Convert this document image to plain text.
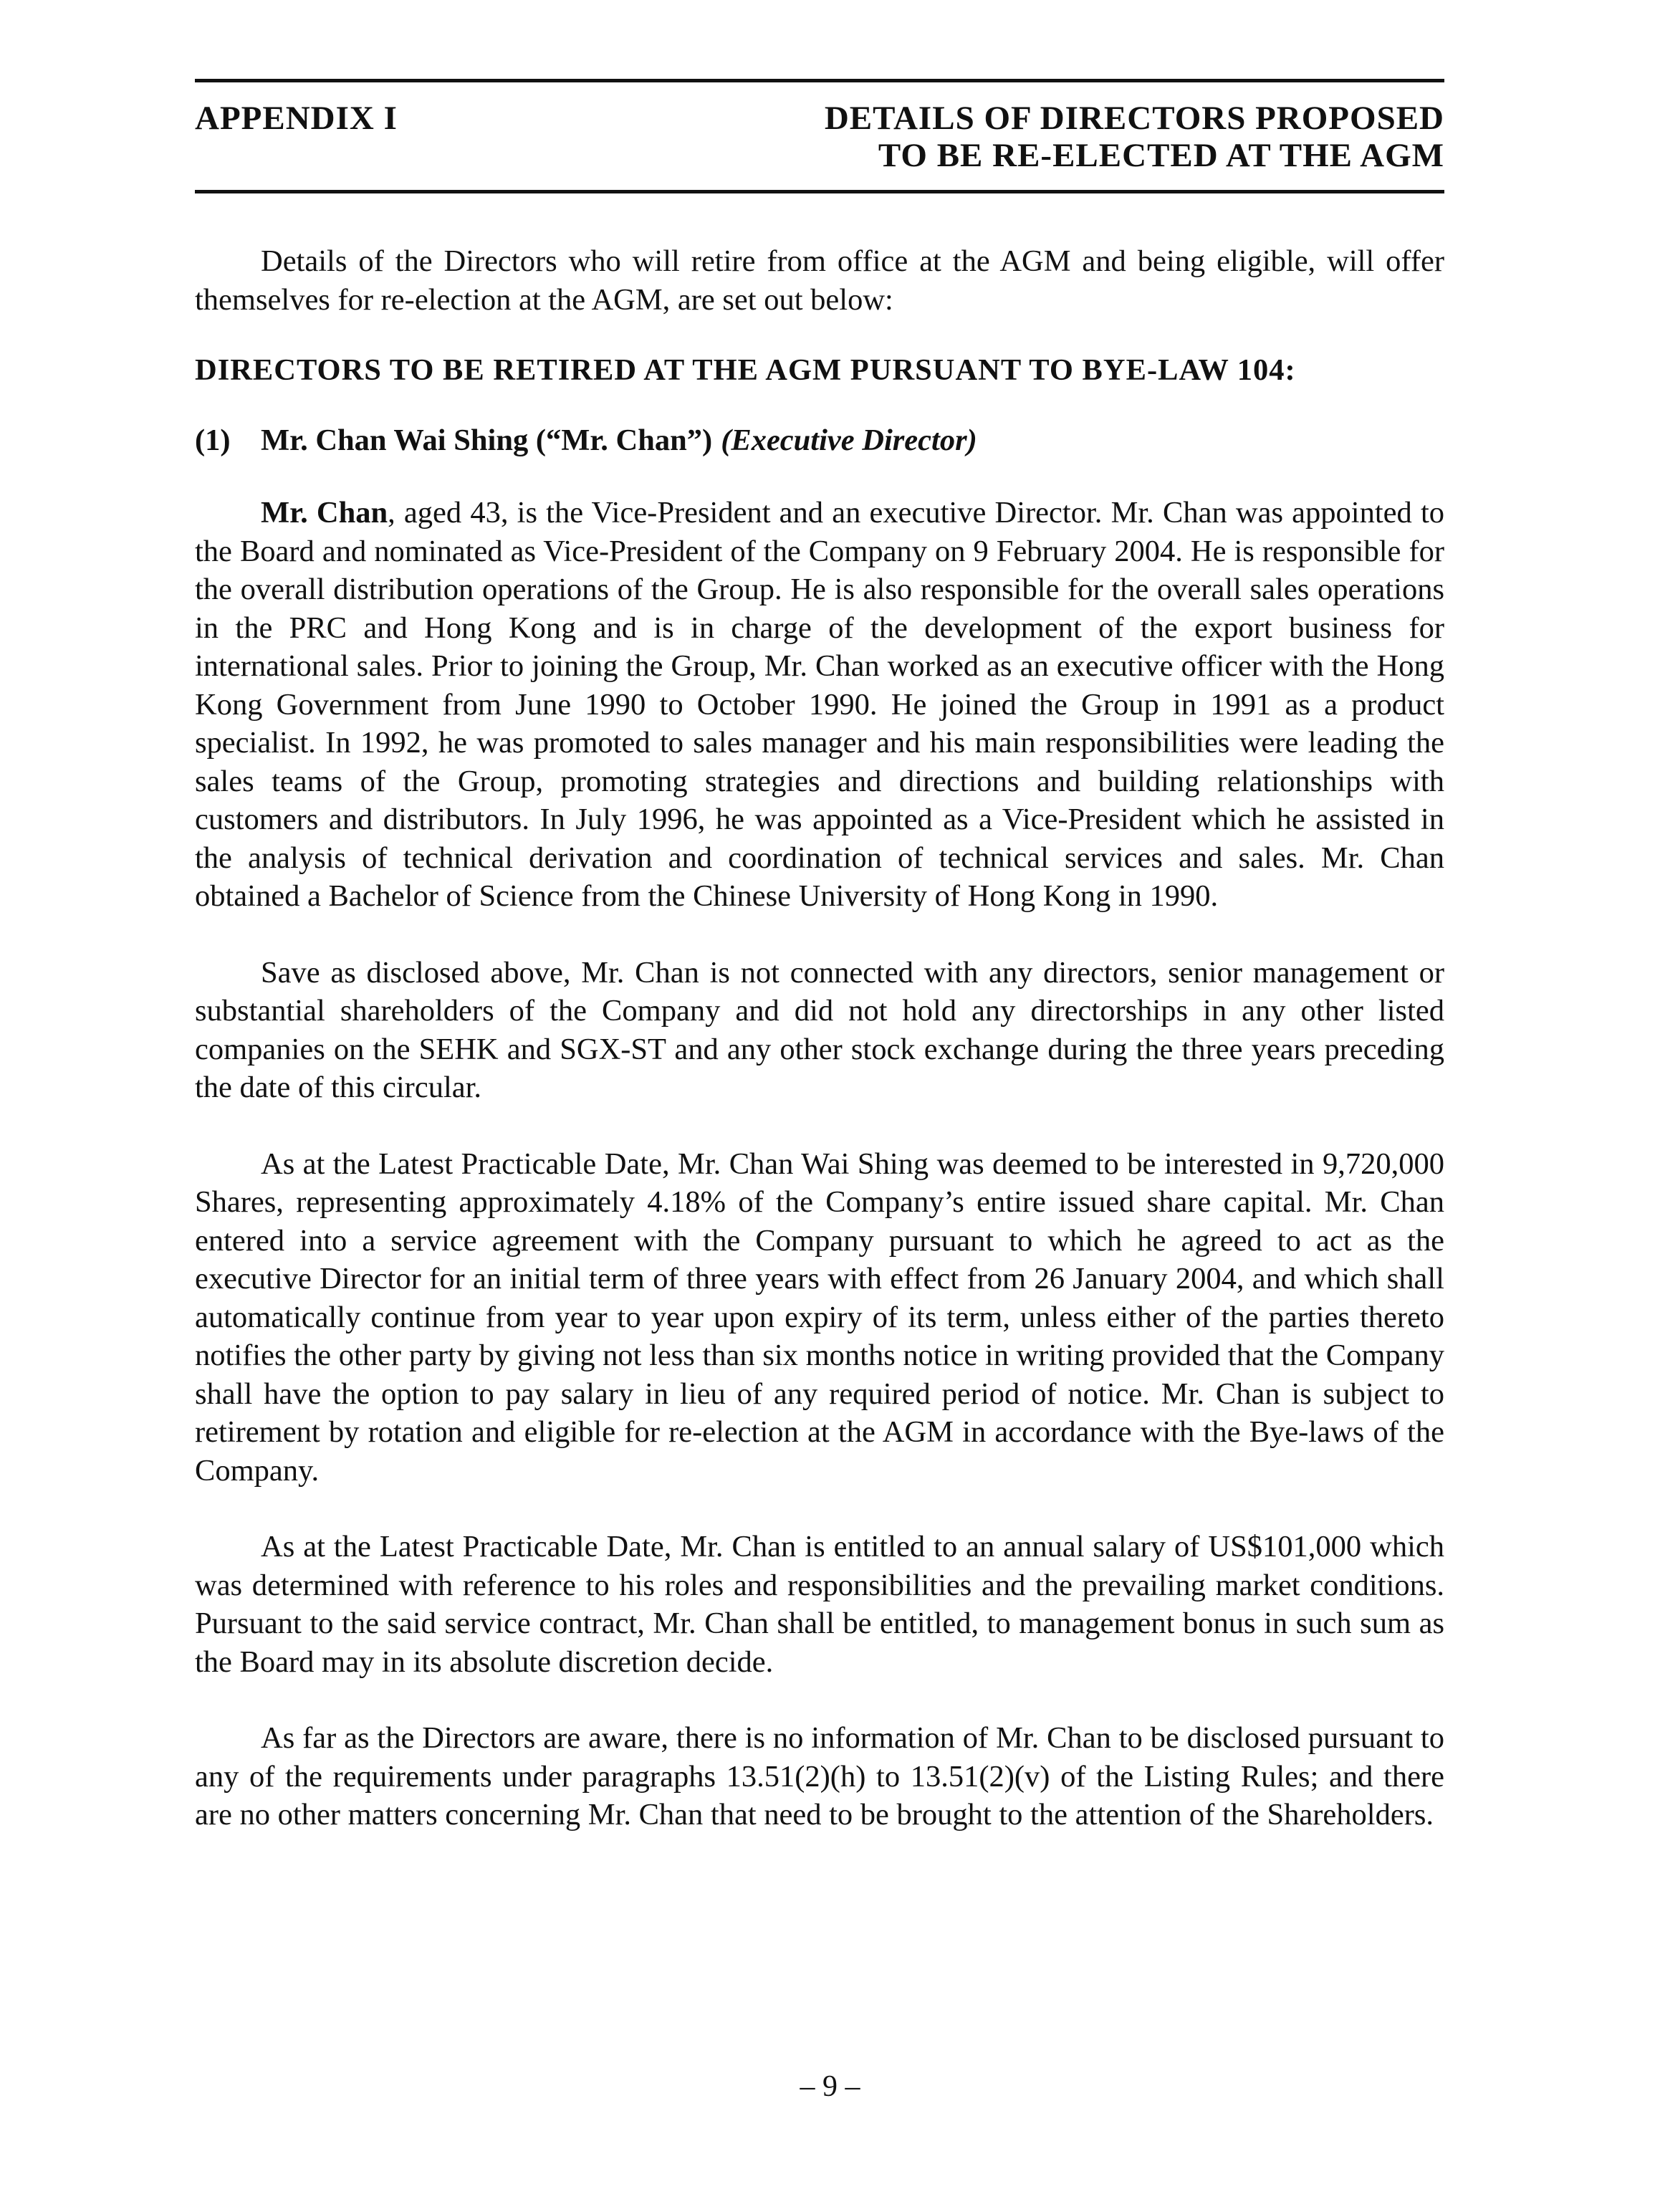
APPENDIX I	DETAILS OF DIRECTORS PROPOSED
TO BE RE-ELECTED AT THE AGM

Details of the Directors who will retire from office at the AGM and being eligible, will offer themselves for re-election at the AGM, are set out below:

DIRECTORS TO BE RETIRED AT THE AGM PURSUANT TO BYE-LAW 104:
(1) Mr. Chan Wai Shing (“Mr. Chan”) (Executive Director)

Mr. Chan, aged 43, is the Vice-President and an executive Director. Mr. Chan was appointed to the Board and nominated as Vice-President of the Company on 9 February 2004. He is responsible for the overall distribution operations of the Group. He is also responsible for the overall sales operations in the PRC and Hong Kong and is in charge of the development of the export business for international sales. Prior to joining the Group, Mr. Chan worked as an executive officer with the Hong Kong Government from June 1990 to October 1990. He joined the Group in 1991 as a product specialist. In 1992, he was promoted to sales manager and his main responsibilities were leading the sales teams of the Group, promoting strategies and directions and building relationships with customers and distributors. In July 1996, he was appointed as a Vice-President which he assisted in the analysis of technical derivation and coordination of technical services and sales. Mr. Chan obtained a Bachelor of Science from the Chinese University of Hong Kong in 1990.

Save as disclosed above, Mr. Chan is not connected with any directors, senior management or substantial shareholders of the Company and did not hold any directorships in any other listed companies on the SEHK and SGX-ST and any other stock exchange during the three years preceding the date of this circular.

As at the Latest Practicable Date, Mr. Chan Wai Shing was deemed to be interested in 9,720,000 Shares, representing approximately 4.18% of the Company’s entire issued share capital. Mr. Chan entered into a service agreement with the Company pursuant to which he agreed to act as the executive Director for an initial term of three years with effect from 26 January 2004, and which shall automatically continue from year to year upon expiry of its term, unless either of the parties thereto notifies the other party by giving not less than six months notice in writing provided that the Company shall have the option to pay salary in lieu of any required period of notice. Mr. Chan is subject to retirement by rotation and eligible for re-election at the AGM in accordance with the Bye-laws of the Company.

As at the Latest Practicable Date, Mr. Chan is entitled to an annual salary of US$101,000 which was determined with reference to his roles and responsibilities and the prevailing market conditions. Pursuant to the said service contract, Mr. Chan shall be entitled, to management bonus in such sum as the Board may in its absolute discretion decide.

As far as the Directors are aware, there is no information of Mr. Chan to be disclosed pursuant to any of the requirements under paragraphs 13.51(2)(h) to 13.51(2)(v) of the Listing Rules; and there are no other matters concerning Mr. Chan that need to be brought to the attention of the Shareholders.

– 9 –
